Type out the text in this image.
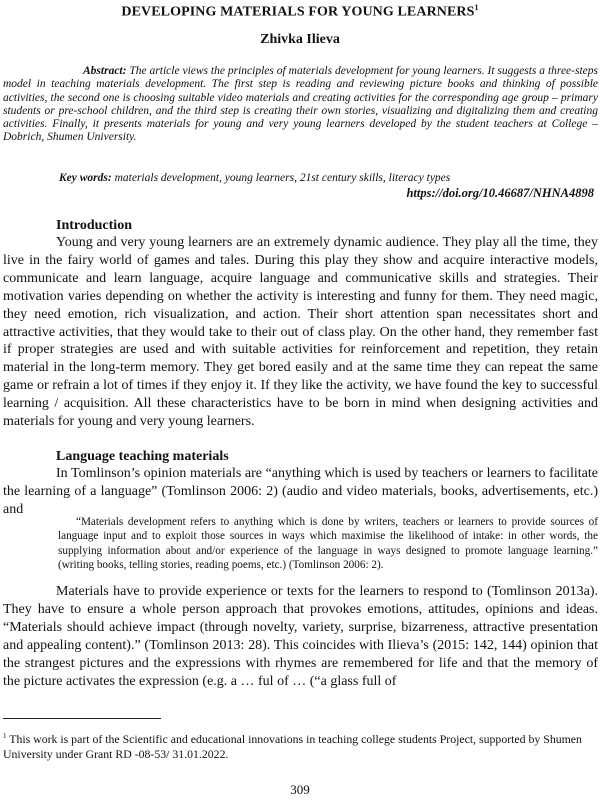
DEVELOPING MATERIALS FOR YOUNG LEARNERS$^1$
Zhivka Ilieva
Abstract: The article views the principles of materials development for young learners. It suggests a three-steps model in teaching materials development. The first step is reading and reviewing picture books and thinking of possible activities, the second one is choosing suitable video materials and creating activities for the corresponding age group – primary students or pre-school children, and the third step is creating their own stories, visualizing and digitalizing them and creating activities. Finally, it presents materials for young and very young learners developed by the student teachers at College – Dobrich, Shumen University.
Key words: materials development, young learners, 21st century skills, literacy types
https://doi.org/10.46687/NHNA4898
Introduction
Young and very young learners are an extremely dynamic audience. They play all the time, they live in the fairy world of games and tales. During this play they show and acquire interactive models, communicate and learn language, acquire language and communicative skills and strategies. Their motivation varies depending on whether the activity is interesting and funny for them. They need magic, they need emotion, rich visualization, and action. Their short attention span necessitates short and attractive activities, that they would take to their out of class play. On the other hand, they remember fast if proper strategies are used and with suitable activities for reinforcement and repetition, they retain material in the long-term memory. They get bored easily and at the same time they can repeat the same game or refrain a lot of times if they enjoy it. If they like the activity, we have found the key to successful learning / acquisition. All these characteristics have to be born in mind when designing activities and materials for young and very young learners.
Language teaching materials
In Tomlinson’s opinion materials are “anything which is used by teachers or learners to facilitate the learning of a language” (Tomlinson 2006: 2) (audio and video materials, books, advertisements, etc.) and
“Materials development refers to anything which is done by writers, teachers or learners to provide sources of language input and to exploit those sources in ways which maximise the likelihood of intake: in other words, the supplying information about and/or experience of the language in ways designed to promote language learning.” (writing books, telling stories, reading poems, etc.) (Tomlinson 2006: 2).
Materials have to provide experience or texts for the learners to respond to (Tomlinson 2013a). They have to ensure a whole person approach that provokes emotions, attitudes, opinions and ideas. “Materials should achieve impact (through novelty, variety, surprise, bizarreness, attractive presentation and appealing content).” (Tomlinson 2013: 28). This coincides with Ilieva’s (2015: 142, 144) opinion that the strangest pictures and the expressions with rhymes are remembered for life and that the memory of the picture activates the expression (e.g. a … ful of … (“a glass full of
$^1$ This work is part of the Scientific and educational innovations in teaching college students Project, supported by Shumen University under Grant RD -08-53/ 31.01.2022.
309
